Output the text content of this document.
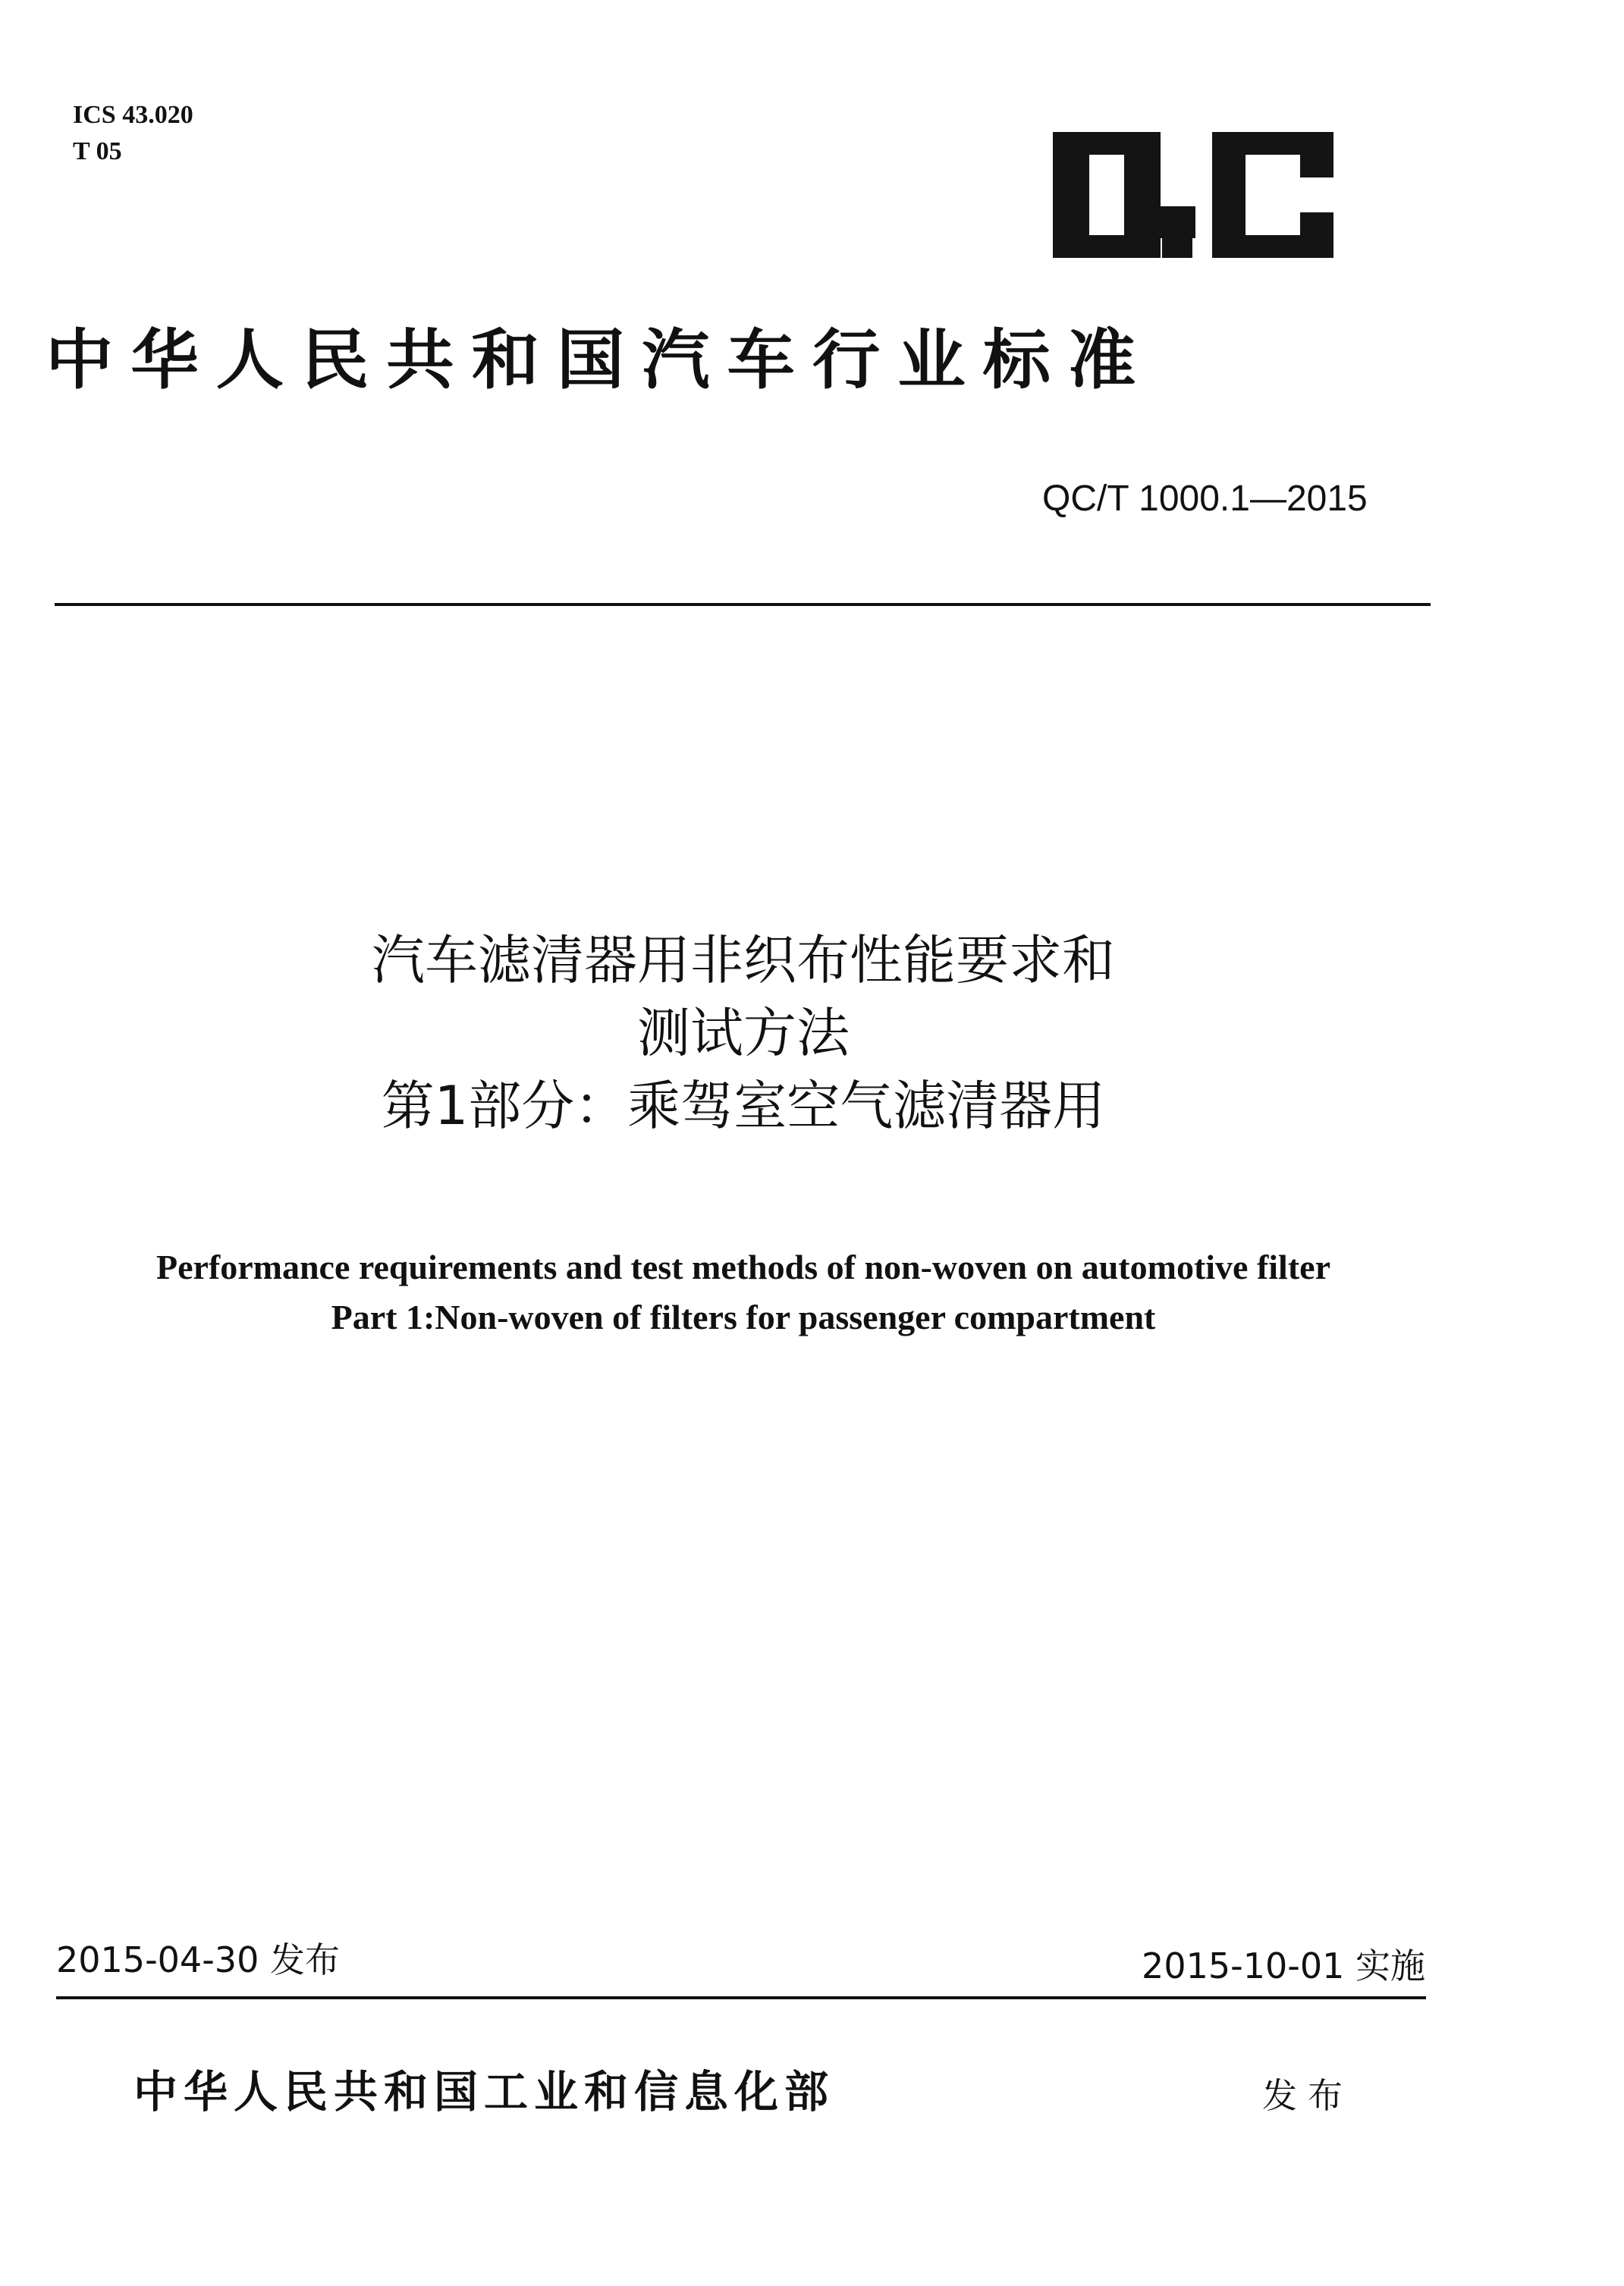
ICS 43.020
T 05
中华人民共和国汽车行业标准
QC/T 1000.1—2015
汽车滤清器用非织布性能要求和
测试方法
第1部分：乘驾室空气滤清器用
Performance requirements and test methods of non-woven on automotive filter
Part 1:Non-woven of filters for passenger compartment
2015-04-30 发布	2015-10-01 实施
中华人民共和国工业和信息化部	发布
